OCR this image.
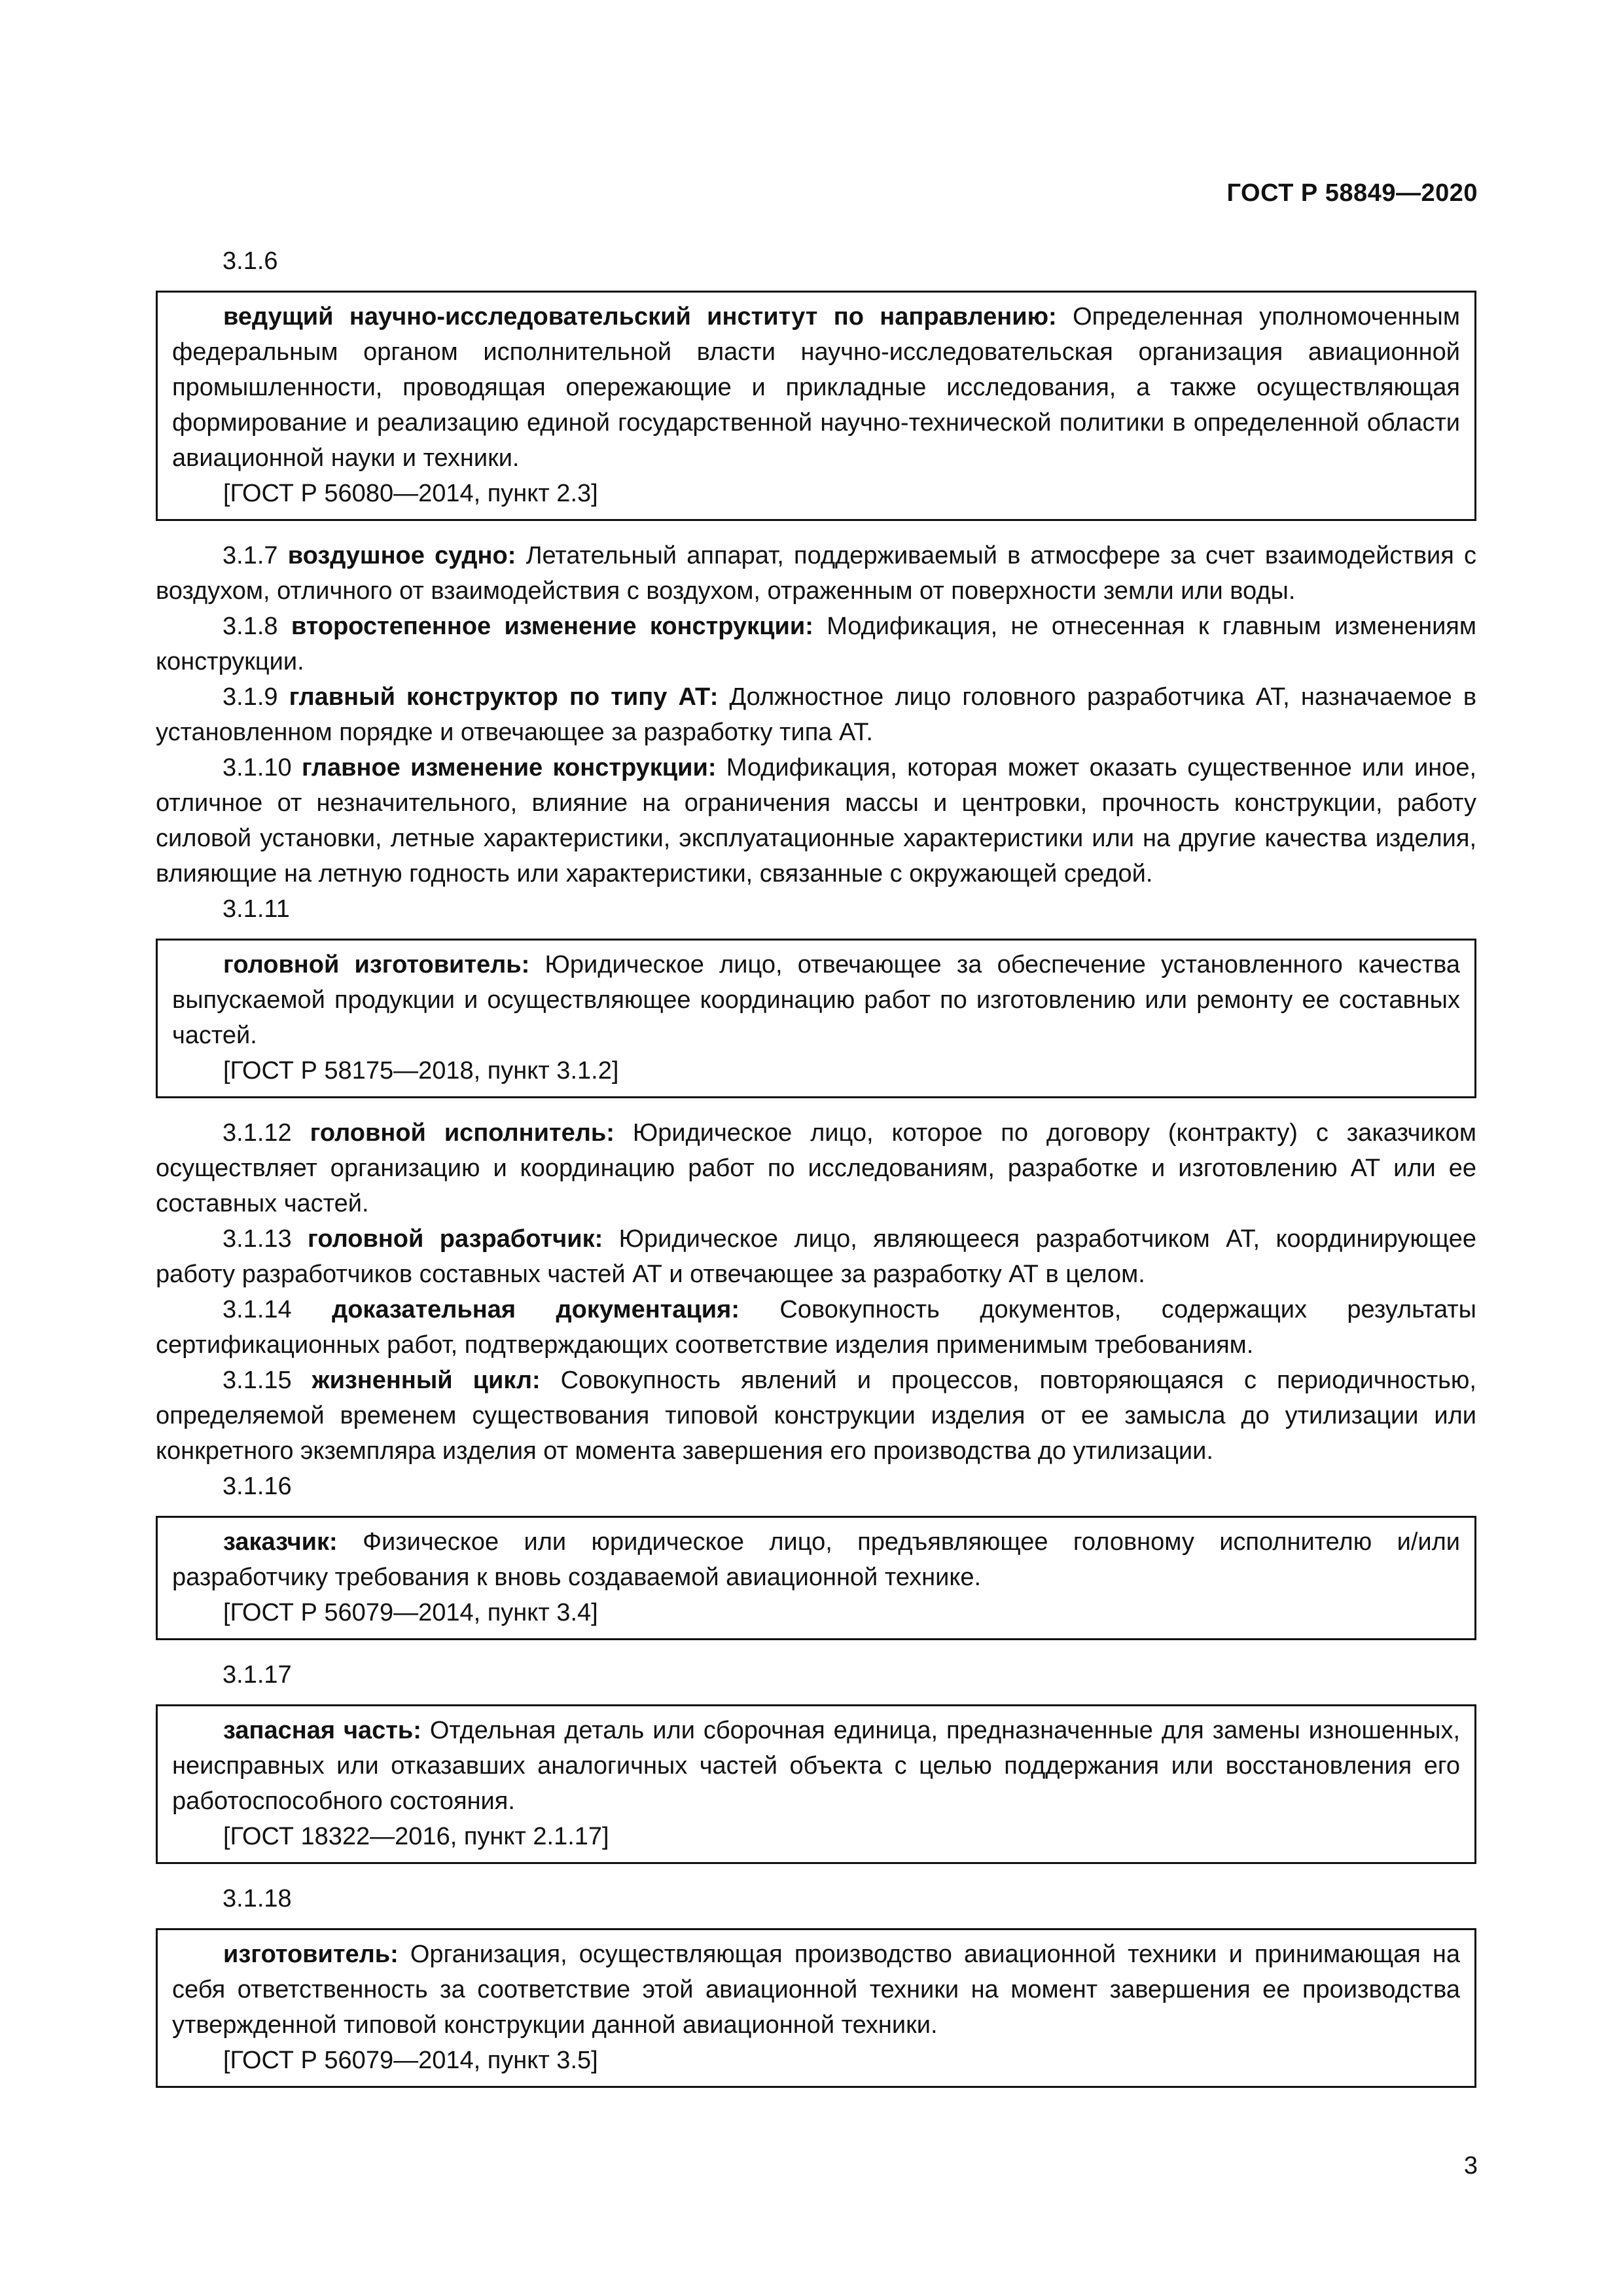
ГОСТ Р 58849—2020

3.1.6

ведущий научно-исследовательский институт по направлению: Определенная уполномоченным федеральным органом исполнительной власти научно-исследовательская организация авиационной промышленности, проводящая опережающие и прикладные исследования, а также осуществляющая формирование и реализацию единой государственной научно-технической политики в определенной области авиационной науки и техники.

[ГОСТ Р 56080—2014, пункт 2.3]

3.1.7 воздушное судно: Летательный аппарат, поддерживаемый в атмосфере за счет взаимодействия с воздухом, отличного от взаимодействия с воздухом, отраженным от поверхности земли или воды.

3.1.8 второстепенное изменение конструкции: Модификация, не отнесенная к главным изменениям конструкции.

3.1.9 главный конструктор по типу АТ: Должностное лицо головного разработчика АТ, назначаемое в установленном порядке и отвечающее за разработку типа АТ.

3.1.10 главное изменение конструкции: Модификация, которая может оказать существенное или иное, отличное от незначительного, влияние на ограничения массы и центровки, прочность конструкции, работу силовой установки, летные характеристики, эксплуатационные характеристики или на другие качества изделия, влияющие на летную годность или характеристики, связанные с окружающей средой.

3.1.11

головной изготовитель: Юридическое лицо, отвечающее за обеспечение установленного качества выпускаемой продукции и осуществляющее координацию работ по изготовлению или ремонту ее составных частей.

[ГОСТ Р 58175—2018, пункт 3.1.2]

3.1.12 головной исполнитель: Юридическое лицо, которое по договору (контракту) с заказчиком осуществляет организацию и координацию работ по исследованиям, разработке и изготовлению АТ или ее составных частей.

3.1.13 головной разработчик: Юридическое лицо, являющееся разработчиком АТ, координирующее работу разработчиков составных частей АТ и отвечающее за разработку АТ в целом.

3.1.14 доказательная документация: Совокупность документов, содержащих результаты сертификационных работ, подтверждающих соответствие изделия применимым требованиям.

3.1.15 жизненный цикл: Совокупность явлений и процессов, повторяющаяся с периодичностью, определяемой временем существования типовой конструкции изделия от ее замысла до утилизации или конкретного экземпляра изделия от момента завершения его производства до утилизации.

3.1.16

заказчик: Физическое или юридическое лицо, предъявляющее головному исполнителю и/или разработчику требования к вновь создаваемой авиационной технике.

[ГОСТ Р 56079—2014, пункт 3.4]

3.1.17

запасная часть: Отдельная деталь или сборочная единица, предназначенные для замены изношенных, неисправных или отказавших аналогичных частей объекта с целью поддержания или восстановления его работоспособного состояния.

[ГОСТ 18322—2016, пункт 2.1.17]

3.1.18

изготовитель: Организация, осуществляющая производство авиационной техники и принимающая на себя ответственность за соответствие этой авиационной техники на момент завершения ее производства утвержденной типовой конструкции данной авиационной техники.

[ГОСТ Р 56079—2014, пункт 3.5]

3
